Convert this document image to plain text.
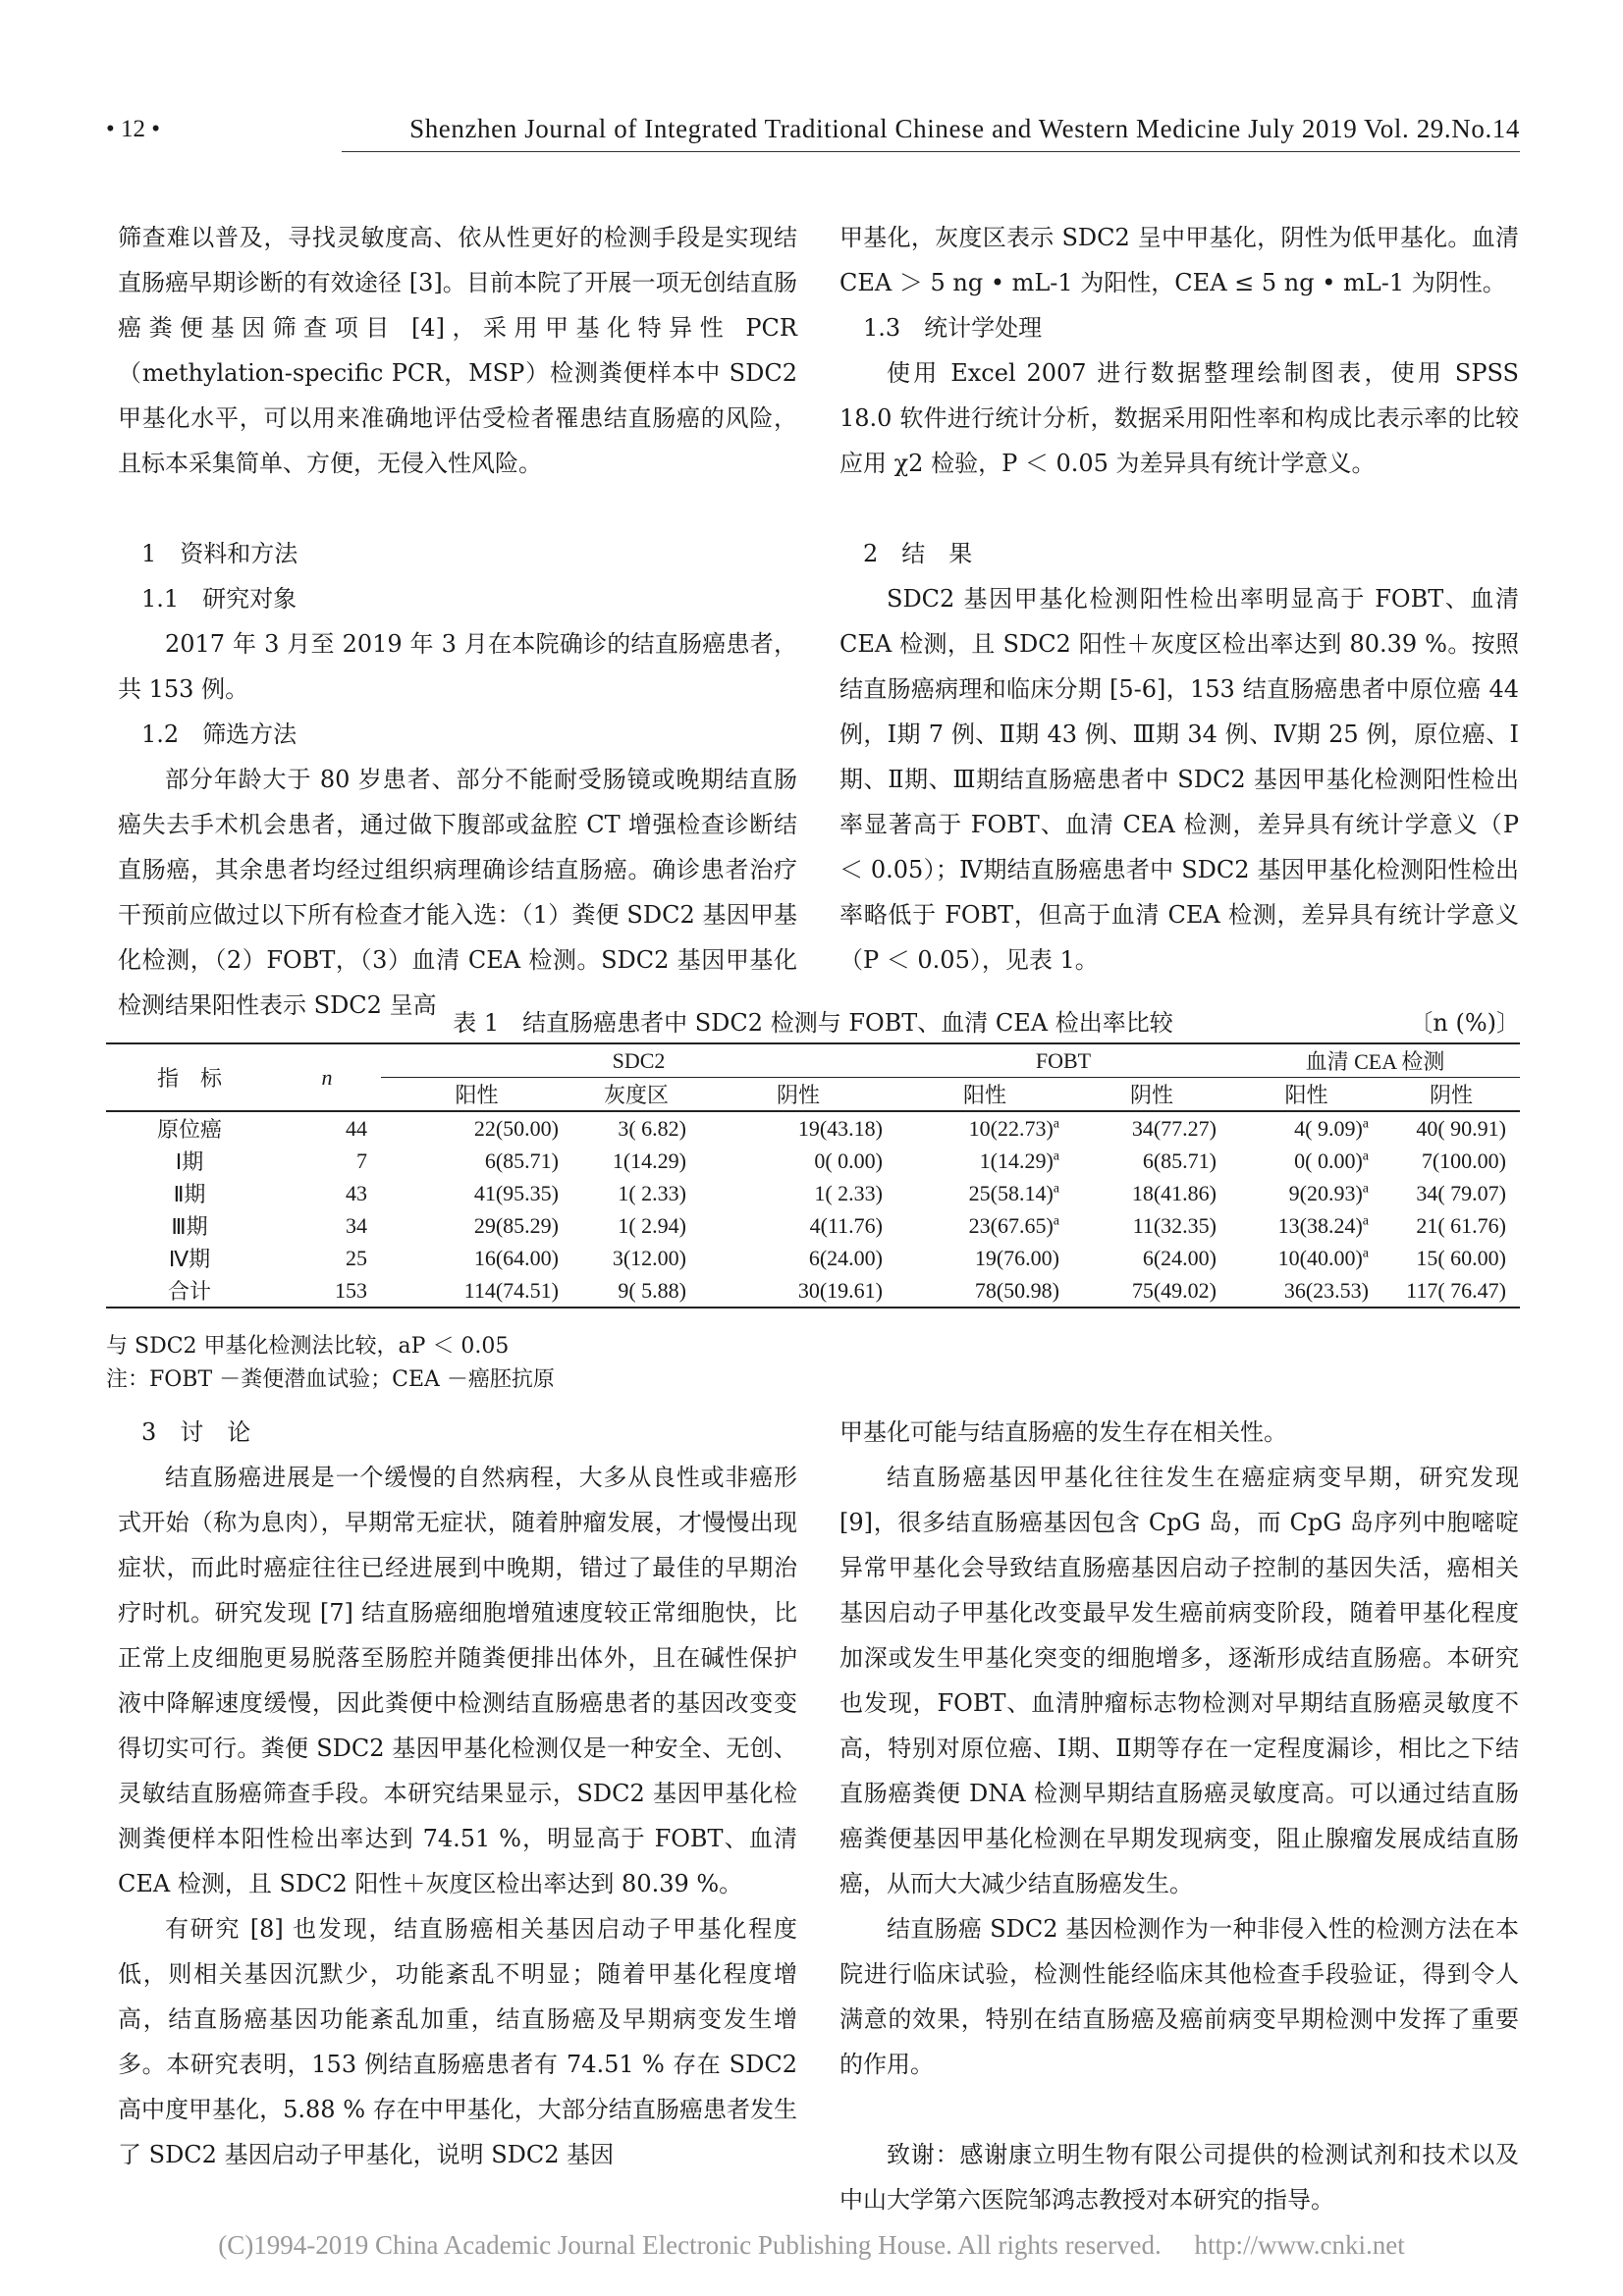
• 12 •	Shenzhen Journal of Integrated Traditional Chinese and Western Medicine July 2019 Vol. 29.No.14

筛查难以普及，寻找灵敏度高、依从性更好的检测手段是实现结直肠癌早期诊断的有效途径 [3]。目前本院了开展一项无创结直肠癌粪便基因筛查项目 [4]，采用甲基化特异性 PCR（methylation-specific PCR，MSP）检测粪便样本中 SDC2 甲基化水平，可以用来准确地评估受检者罹患结直肠癌的风险，且标本采集简单、方便，无侵入性风险。

1　资料和方法
1.1　研究对象

2017 年 3 月至 2019 年 3 月在本院确诊的结直肠癌患者，共 153 例。

1.2　筛选方法

部分年龄大于 80 岁患者、部分不能耐受肠镜或晚期结直肠癌失去手术机会患者，通过做下腹部或盆腔 CT 增强检查诊断结直肠癌，其余患者均经过组织病理确诊结直肠癌。确诊患者治疗干预前应做过以下所有检查才能入选：（1）粪便 SDC2 基因甲基化检测，（2）FOBT，（3）血清 CEA 检测。SDC2 基因甲基化检测结果阳性表示 SDC2 呈高

甲基化，灰度区表示 SDC2 呈中甲基化，阴性为低甲基化。血清 CEA ＞ 5 ng • mL-1 为阳性，CEA ≤ 5 ng • mL-1 为阴性。

1.3　统计学处理

使用 Excel 2007 进行数据整理绘制图表，使用 SPSS 18.0 软件进行统计分析，数据采用阳性率和构成比表示率的比较应用 χ2 检验，P ＜ 0.05 为差异具有统计学意义。

2　结　果

SDC2 基因甲基化检测阳性检出率明显高于 FOBT、血清 CEA 检测，且 SDC2 阳性＋灰度区检出率达到 80.39 %。按照结直肠癌病理和临床分期 [5-6]，153 结直肠癌患者中原位癌 44 例，Ⅰ期 7 例、Ⅱ期 43 例、Ⅲ期 34 例、Ⅳ期 25 例，原位癌、Ⅰ期、Ⅱ期、Ⅲ期结直肠癌患者中 SDC2 基因甲基化检测阳性检出率显著高于 FOBT、血清 CEA 检测，差异具有统计学意义（P ＜ 0.05）；Ⅳ期结直肠癌患者中 SDC2 基因甲基化检测阳性检出率略低于 FOBT，但高于血清 CEA 检测，差异具有统计学意义（P ＜ 0.05），见表 1。

表 1　结直肠癌患者中 SDC2 检测与 FOBT、血清 CEA 检出率比较	〔n (%)〕
指　标	n	SDC2			FOBT		血清 CEA 检测	
		阳性	灰度区	阴性	阳性	阴性	阳性	阴性
原位癌	44	22(50.00)	3( 6.82)	19(43.18)	$10(22.73)^a$	34(77.27)	4( 9.09)$^a$	40( 90.91)
Ⅰ期	7	6(85.71)	1(14.29)	0( 0.00)	$1(14.29)^a$	6(85.71)	0( 0.00)$^a$	7(100.00)
Ⅱ期	43	41(95.35)	1( 2.33)	1( 2.33)	$25(58.14)^a$	18(41.86)	$9(20.93)^a$	34( 79.07)
Ⅲ期	34	29(85.29)	1( 2.94)	4(11.76)	$23(67.65)^a$	11(32.35)	$13(38.24)^a$	21( 61.76)
Ⅳ期	25	16(64.00)	3(12.00)	6(24.00)	19(76.00)	6(24.00)	$10(40.00)^a$	15( 60.00)
合计	153	114(74.51)	9( 5.88)	30(19.61)	78(50.98)	75(49.02)	36(23.53)	117( 76.47)
与 SDC2 甲基化检测法比较，aP ＜ 0.05
注：FOBT －粪便潜血试验；CEA －癌胚抗原
3　讨　论

结直肠癌进展是一个缓慢的自然病程，大多从良性或非癌形式开始（称为息肉），早期常无症状，随着肿瘤发展，才慢慢出现症状，而此时癌症往往已经进展到中晚期，错过了最佳的早期治疗时机。研究发现 [7] 结直肠癌细胞增殖速度较正常细胞快，比正常上皮细胞更易脱落至肠腔并随粪便排出体外，且在碱性保护液中降解速度缓慢，因此粪便中检测结直肠癌患者的基因改变变得切实可行。粪便 SDC2 基因甲基化检测仅是一种安全、无创、灵敏结直肠癌筛查手段。本研究结果显示，SDC2 基因甲基化检测粪便样本阳性检出率达到 74.51 %，明显高于 FOBT、血清 CEA 检测，且 SDC2 阳性＋灰度区检出率达到 80.39 %。

有研究 [8] 也发现，结直肠癌相关基因启动子甲基化程度低，则相关基因沉默少，功能紊乱不明显；随着甲基化程度增高，结直肠癌基因功能紊乱加重，结直肠癌及早期病变发生增多。本研究表明，153 例结直肠癌患者有 74.51 % 存在 SDC2 高中度甲基化，5.88 % 存在中甲基化，大部分结直肠癌患者发生了 SDC2 基因启动子甲基化，说明 SDC2 基因

甲基化可能与结直肠癌的发生存在相关性。

结直肠癌基因甲基化往往发生在癌症病变早期，研究发现 [9]，很多结直肠癌基因包含 CpG 岛，而 CpG 岛序列中胞嘧啶异常甲基化会导致结直肠癌基因启动子控制的基因失活，癌相关基因启动子甲基化改变最早发生癌前病变阶段，随着甲基化程度加深或发生甲基化突变的细胞增多，逐渐形成结直肠癌。本研究也发现，FOBT、血清肿瘤标志物检测对早期结直肠癌灵敏度不高，特别对原位癌、Ⅰ期、Ⅱ期等存在一定程度漏诊，相比之下结直肠癌粪便 DNA 检测早期结直肠癌灵敏度高。可以通过结直肠癌粪便基因甲基化检测在早期发现病变，阻止腺瘤发展成结直肠癌，从而大大减少结直肠癌发生。

结直肠癌 SDC2 基因检测作为一种非侵入性的检测方法在本院进行临床试验，检测性能经临床其他检查手段验证，得到令人满意的效果，特别在结直肠癌及癌前病变早期检测中发挥了重要的作用。

致谢：感谢康立明生物有限公司提供的检测试剂和技术以及中山大学第六医院邹鸿志教授对本研究的指导。

(C)1994-2019 China Academic Journal Electronic Publishing House. All rights reserved.　 http://www.cnki.net
